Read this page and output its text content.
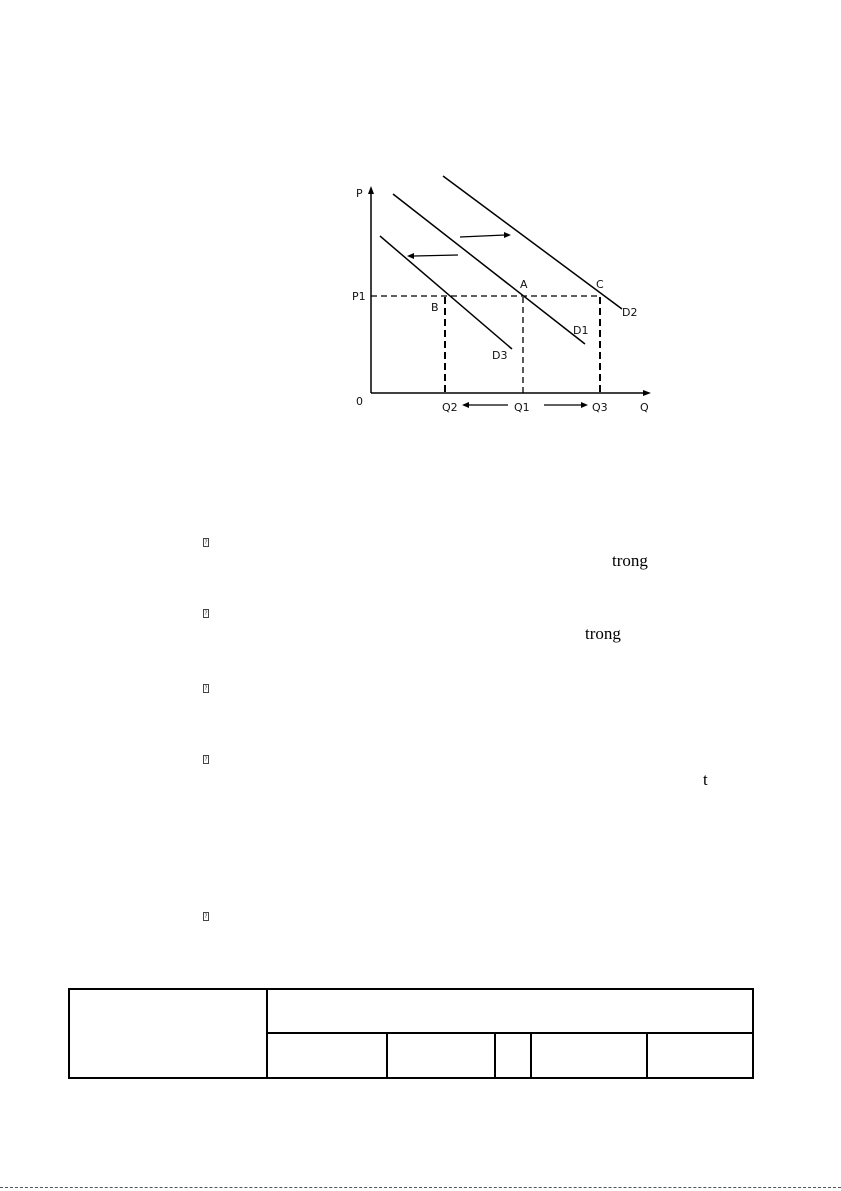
P
Q
0
P1
Q2	Q1	Q3
A
B
C
D1
D2
D3
?
?
?
?
?
trong
trong
t
